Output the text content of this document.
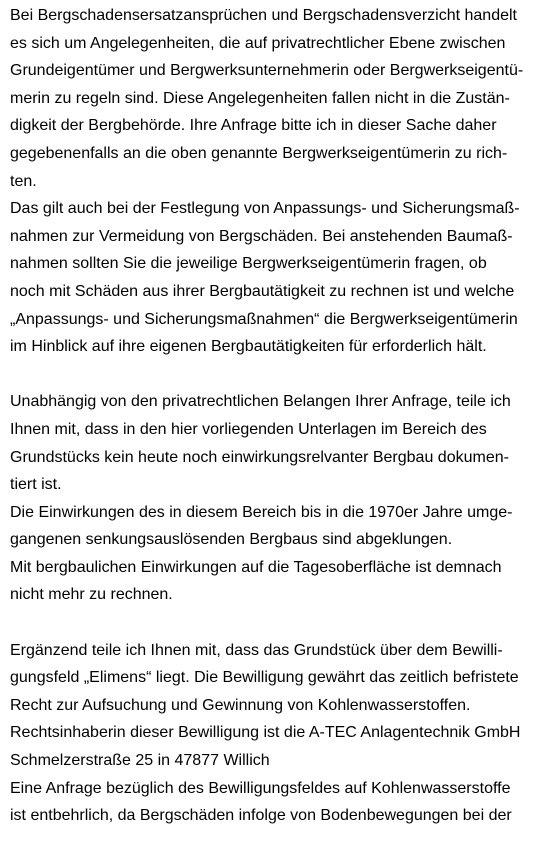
Bei Bergschadensersatzansprüchen und Bergschadensverzicht handelt
es sich um Angelegenheiten, die auf privatrechtlicher Ebene zwischen
Grundeigentümer und Bergwerksunternehmerin oder Bergwerkseigentü-
merin zu regeln sind. Diese Angelegenheiten fallen nicht in die Zustän-
digkeit der Bergbehörde. Ihre Anfrage bitte ich in dieser Sache daher
gegebenenfalls an die oben genannte Bergwerkseigentümerin zu rich-
ten.
Das gilt auch bei der Festlegung von Anpassungs- und Sicherungsmaß-
nahmen zur Vermeidung von Bergschäden. Bei anstehenden Baumaß-
nahmen sollten Sie die jeweilige Bergwerkseigentümerin fragen, ob
noch mit Schäden aus ihrer Bergbautätigkeit zu rechnen ist und welche
„Anpassungs- und Sicherungsmaßnahmen“ die Bergwerkseigentümerin
im Hinblick auf ihre eigenen Bergbautätigkeiten für erforderlich hält.
Unabhängig von den privatrechtlichen Belangen Ihrer Anfrage, teile ich
Ihnen mit, dass in den hier vorliegenden Unterlagen im Bereich des
Grundstücks kein heute noch einwirkungsrelvanter Bergbau dokumen-
tiert ist.
Die Einwirkungen des in diesem Bereich bis in die 1970er Jahre umge-
gangenen senkungsauslösenden Bergbaus sind abgeklungen.
Mit bergbaulichen Einwirkungen auf die Tagesoberfläche ist demnach
nicht mehr zu rechnen.
Ergänzend teile ich Ihnen mit, dass das Grundstück über dem Bewilli-
gungsfeld „Elimens“ liegt. Die Bewilligung gewährt das zeitlich befristete
Recht zur Aufsuchung und Gewinnung von Kohlenwasserstoffen.
Rechtsinhaberin dieser Bewilligung ist die A-TEC Anlagentechnik GmbH
Schmelzerstraße 25 in 47877 Willich
Eine Anfrage bezüglich des Bewilligungsfeldes auf Kohlenwasserstoffe
ist entbehrlich, da Bergschäden infolge von Bodenbewegungen bei der
